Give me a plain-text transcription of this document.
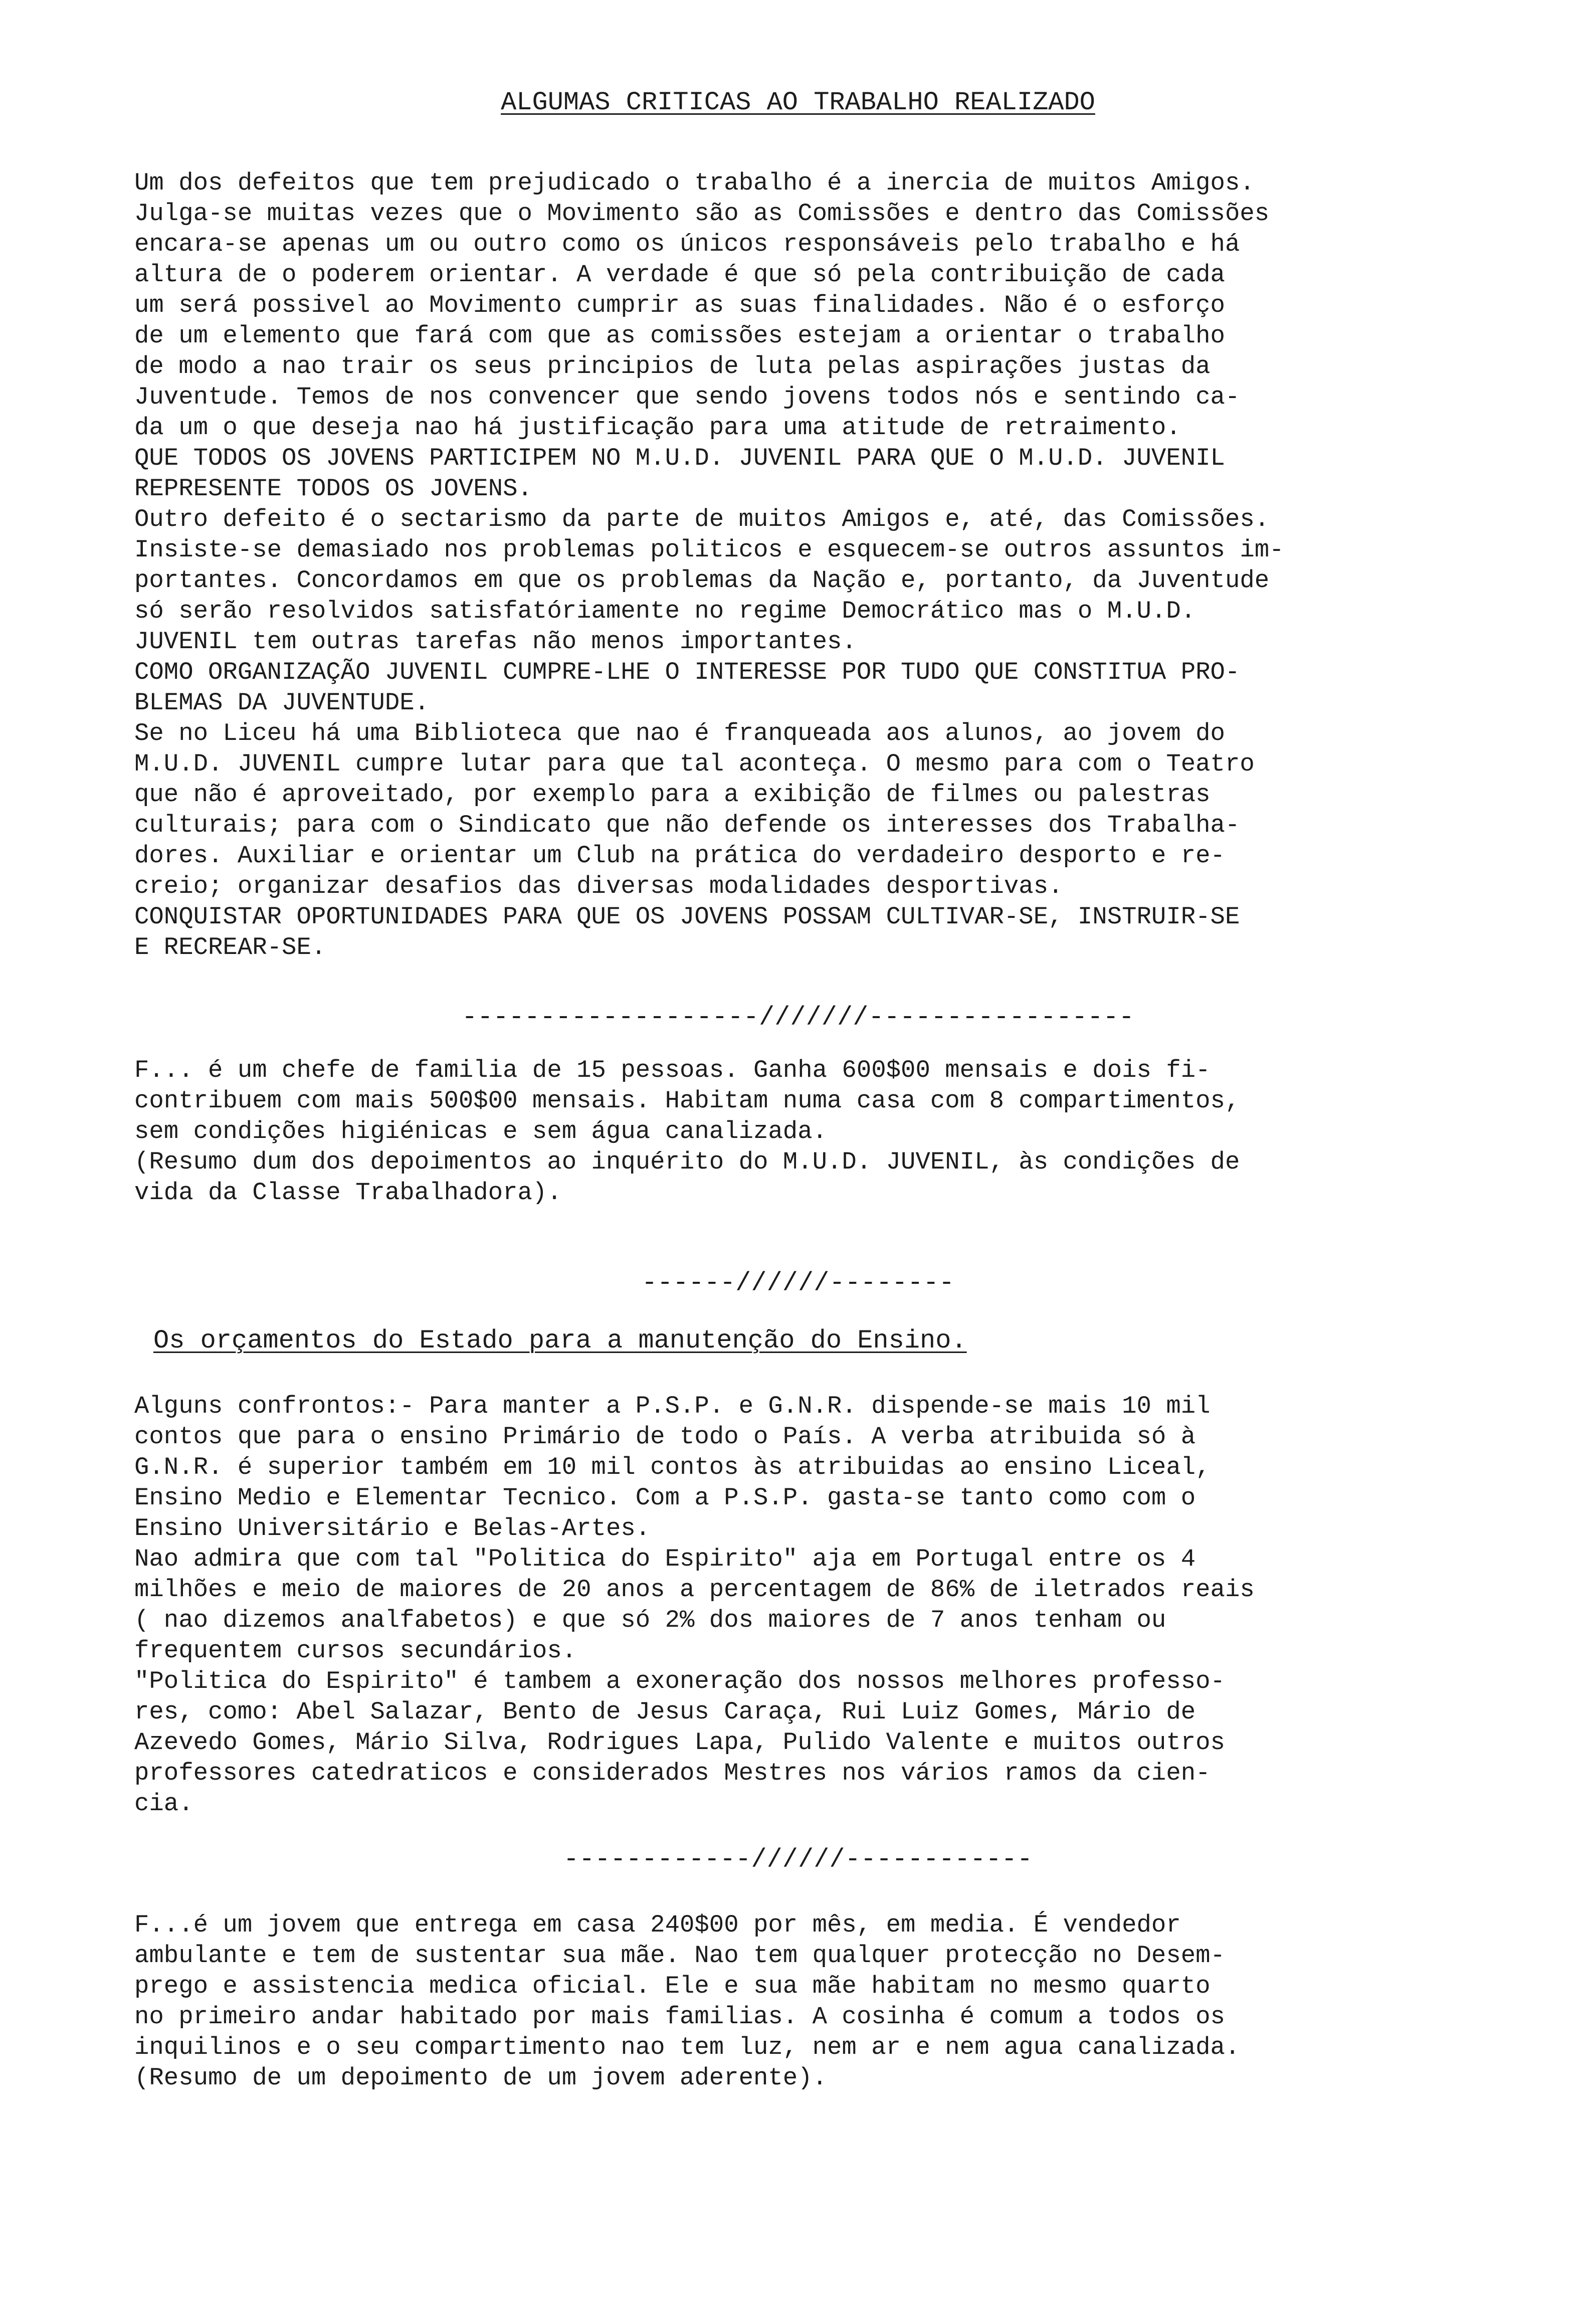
ALGUMAS CRITICAS AO TRABALHO REALIZADO
Um dos defeitos que tem prejudicado o trabalho é a inercia de muitos Amigos.
Julga-se muitas vezes que o Movimento são as Comissões e dentro das Comissões
encara-se apenas um ou outro como os únicos responsáveis pelo trabalho e há
altura de o poderem orientar. A verdade é que só pela contribuição de cada
um será possivel ao Movimento cumprir as suas finalidades. Não é o esforço
de um elemento que fará com que as comissões estejam a orientar o trabalho
de modo a nao trair os seus principios de luta pelas aspirações justas da
Juventude. Temos de nos convencer que sendo jovens todos nós e sentindo ca-
da um o que deseja nao há justificação para uma atitude de retraimento.
QUE TODOS OS JOVENS PARTICIPEM NO M.U.D. JUVENIL PARA QUE O M.U.D. JUVENIL
REPRESENTE TODOS OS JOVENS.
Outro defeito é o sectarismo da parte de muitos Amigos e, até, das Comissões.
Insiste-se demasiado nos problemas politicos e esquecem-se outros assuntos im-
portantes. Concordamos em que os problemas da Nação e, portanto, da Juventude
só serão resolvidos satisfatóriamente no regime Democrático mas o M.U.D.
JUVENIL tem outras tarefas não menos importantes.
COMO ORGANIZAÇÃO JUVENIL CUMPRE-LHE O INTERESSE POR TUDO QUE CONSTITUA PRO-
BLEMAS DA JUVENTUDE.
Se no Liceu há uma Biblioteca que nao é franqueada aos alunos, ao jovem do
M.U.D. JUVENIL cumpre lutar para que tal aconteça. O mesmo para com o Teatro
que não é aproveitado, por exemplo para a exibição de filmes ou palestras
culturais; para com o Sindicato que não defende os interesses dos Trabalha-
dores. Auxiliar e orientar um Club na prática do verdadeiro desporto e re-
creio; organizar desafios das diversas modalidades desportivas.
CONQUISTAR OPORTUNIDADES PARA QUE OS JOVENS POSSAM CULTIVAR-SE, INSTRUIR-SE
E RECREAR-SE.
-------------------///////-----------------
F... é um chefe de familia de 15 pessoas. Ganha 600$00 mensais e dois fi-
contribuem com mais 500$00 mensais. Habitam numa casa com 8 compartimentos,
sem condições higiénicas e sem água canalizada.
(Resumo dum dos depoimentos ao inquérito do M.U.D. JUVENIL, às condições de
vida da Classe Trabalhadora).
------//////--------
Os orçamentos do Estado para a manutenção do Ensino.
Alguns confrontos:- Para manter a P.S.P. e G.N.R. dispende-se mais 10 mil
contos que para o ensino Primário de todo o País. A verba atribuida só à
G.N.R. é superior também em 10 mil contos às atribuidas ao ensino Liceal,
Ensino Medio e Elementar Tecnico. Com a P.S.P. gasta-se tanto como com o
Ensino Universitário e Belas-Artes.
Nao admira que com tal "Politica do Espirito" aja em Portugal entre os 4
milhões e meio de maiores de 20 anos a percentagem de 86% de iletrados reais
( nao dizemos analfabetos) e que só 2% dos maiores de 7 anos tenham ou
frequentem cursos secundários.
"Politica do Espirito" é tambem a exoneração dos nossos melhores professo-
res, como: Abel Salazar, Bento de Jesus Caraça, Rui Luiz Gomes, Mário de
Azevedo Gomes, Mário Silva, Rodrigues Lapa, Pulido Valente e muitos outros
professores catedraticos e considerados Mestres nos vários ramos da cien-
cia.
------------//////------------
F...é um jovem que entrega em casa 240$00 por mês, em media. É vendedor
ambulante e tem de sustentar sua mãe. Nao tem qualquer protecção no Desem-
prego e assistencia medica oficial. Ele e sua mãe habitam no mesmo quarto
no primeiro andar habitado por mais familias. A cosinha é comum a todos os
inquilinos e o seu compartimento nao tem luz, nem ar e nem agua canalizada.
(Resumo de um depoimento de um jovem aderente).
